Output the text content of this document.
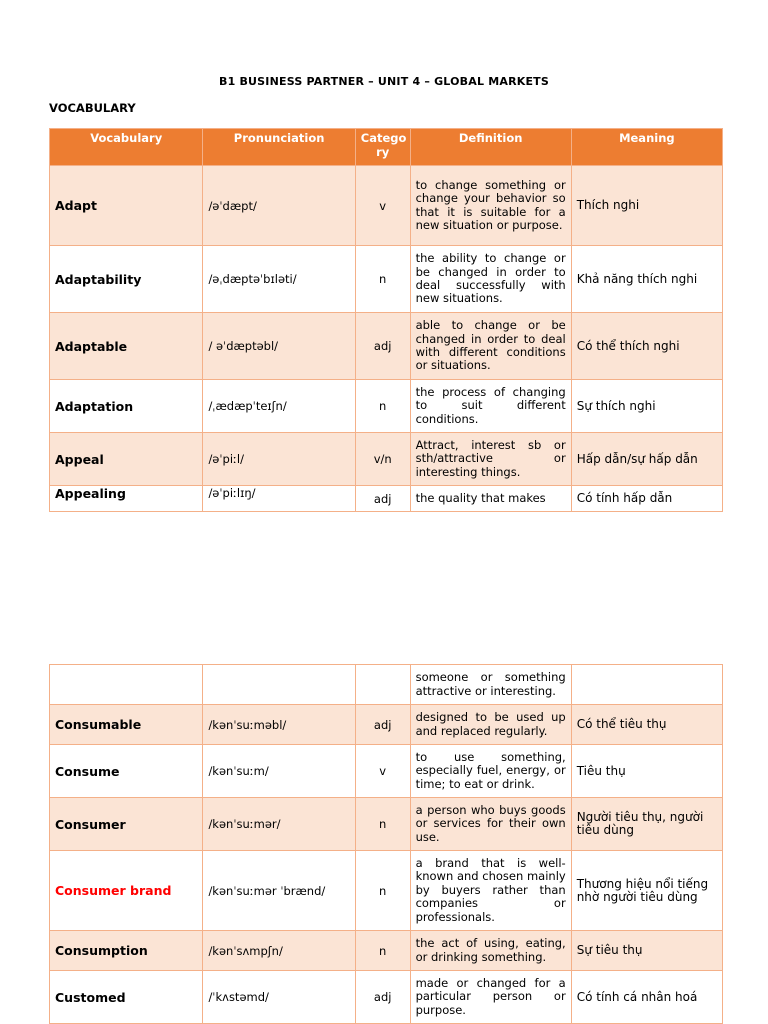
B1 BUSINESS PARTNER – UNIT 4 – GLOBAL MARKETS
VOCABULARY
Vocabulary	Pronunciation	Catego ry	Definition	Meaning
Adapt	/əˈdæpt/	v	to change something or change your behavior so that it is suitable for a new situation or purpose.	Thích nghi
Adaptability	/əˌdæptəˈbɪləti/	n	the ability to change or be changed in order to deal successfully with new situations.	Khả năng thích nghi
Adaptable	/ əˈdæptəbl/	adj	able to change or be changed in order to deal with different conditions or situations.	Có thể thích nghi
Adaptation	/ˌædæpˈteɪʃn/	n	the process of changing to suit different conditions.	Sự thích nghi
Appeal	/əˈpiːl/	v/n	Attract, interest sb or sth/attractive or interesting things.	Hấp dẫn/sự hấp dẫn
Appealing	/əˈpiːlɪŋ/	adj	the quality that makes	Có tính hấp dẫn
			someone or something attractive or interesting.	
Consumable	/kənˈsuːməbl/	adj	designed to be used up and replaced regularly.	Có thể tiêu thụ
Consume	/kənˈsuːm/	v	to use something, especially fuel, energy, or time; to eat or drink.	Tiêu thụ
Consumer	/kənˈsuːmər/	n	a person who buys goods or services for their own use.	Người tiêu thụ, người tiêu dùng
Consumer brand	/kənˈsuːmər ˈbrænd/	n	a brand that is well-known and chosen mainly by buyers rather than companies or professionals.	Thương hiệu nổi tiếng nhờ người tiêu dùng
Consumption	/kənˈsʌmpʃn/	n	the act of using, eating, or drinking something.	Sự tiêu thụ
Customed	/ˈkʌstəmd/	adj	made or changed for a particular person or purpose.	Có tính cá nhân hoá
